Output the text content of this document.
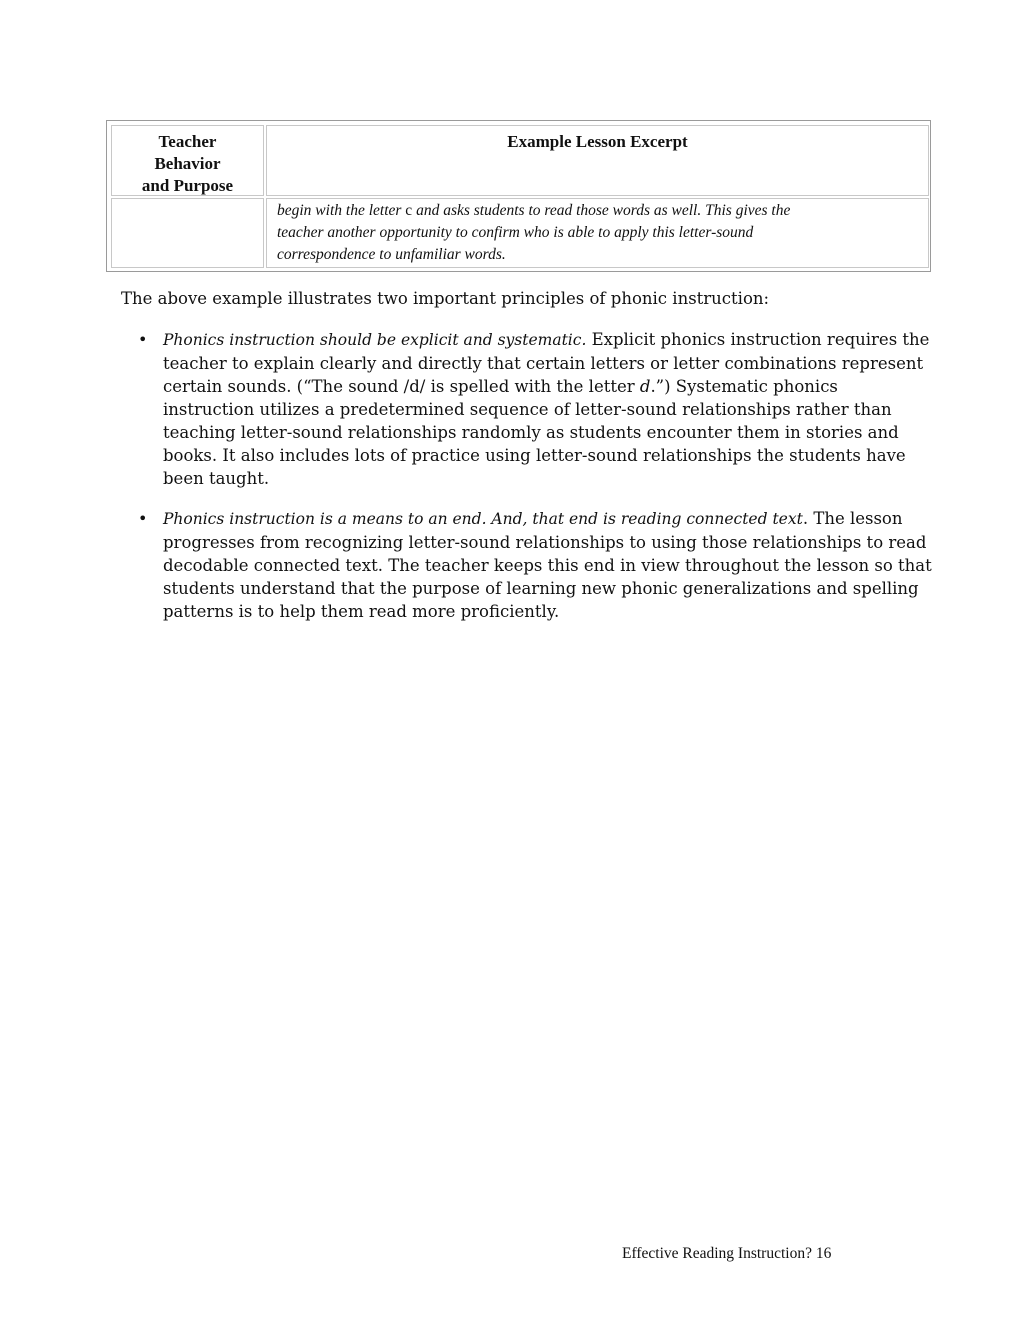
Teacher
Behavior
and Purpose
Example Lesson Excerpt
begin with the letter c and asks students to read those words as well. This gives the
teacher another opportunity to confirm who is able to apply this letter-sound
correspondence to unfamiliar words.
The above example illustrates two important principles of phonic instruction:
• Phonics instruction should be explicit and systematic. Explicit phonics instruction requires the
teacher to explain clearly and directly that certain letters or letter combinations represent
certain sounds. (“The sound /d/ is spelled with the letter d.”) Systematic phonics
instruction utilizes a predetermined sequence of letter-sound relationships rather than
teaching letter-sound relationships randomly as students encounter them in stories and
books. It also includes lots of practice using letter-sound relationships the students have
been taught.
• Phonics instruction is a means to an end. And, that end is reading connected text. The lesson
progresses from recognizing letter-sound relationships to using those relationships to read
decodable connected text. The teacher keeps this end in view throughout the lesson so that
students understand that the purpose of learning new phonic generalizations and spelling
patterns is to help them read more proficiently.
Effective Reading Instruction? 16
